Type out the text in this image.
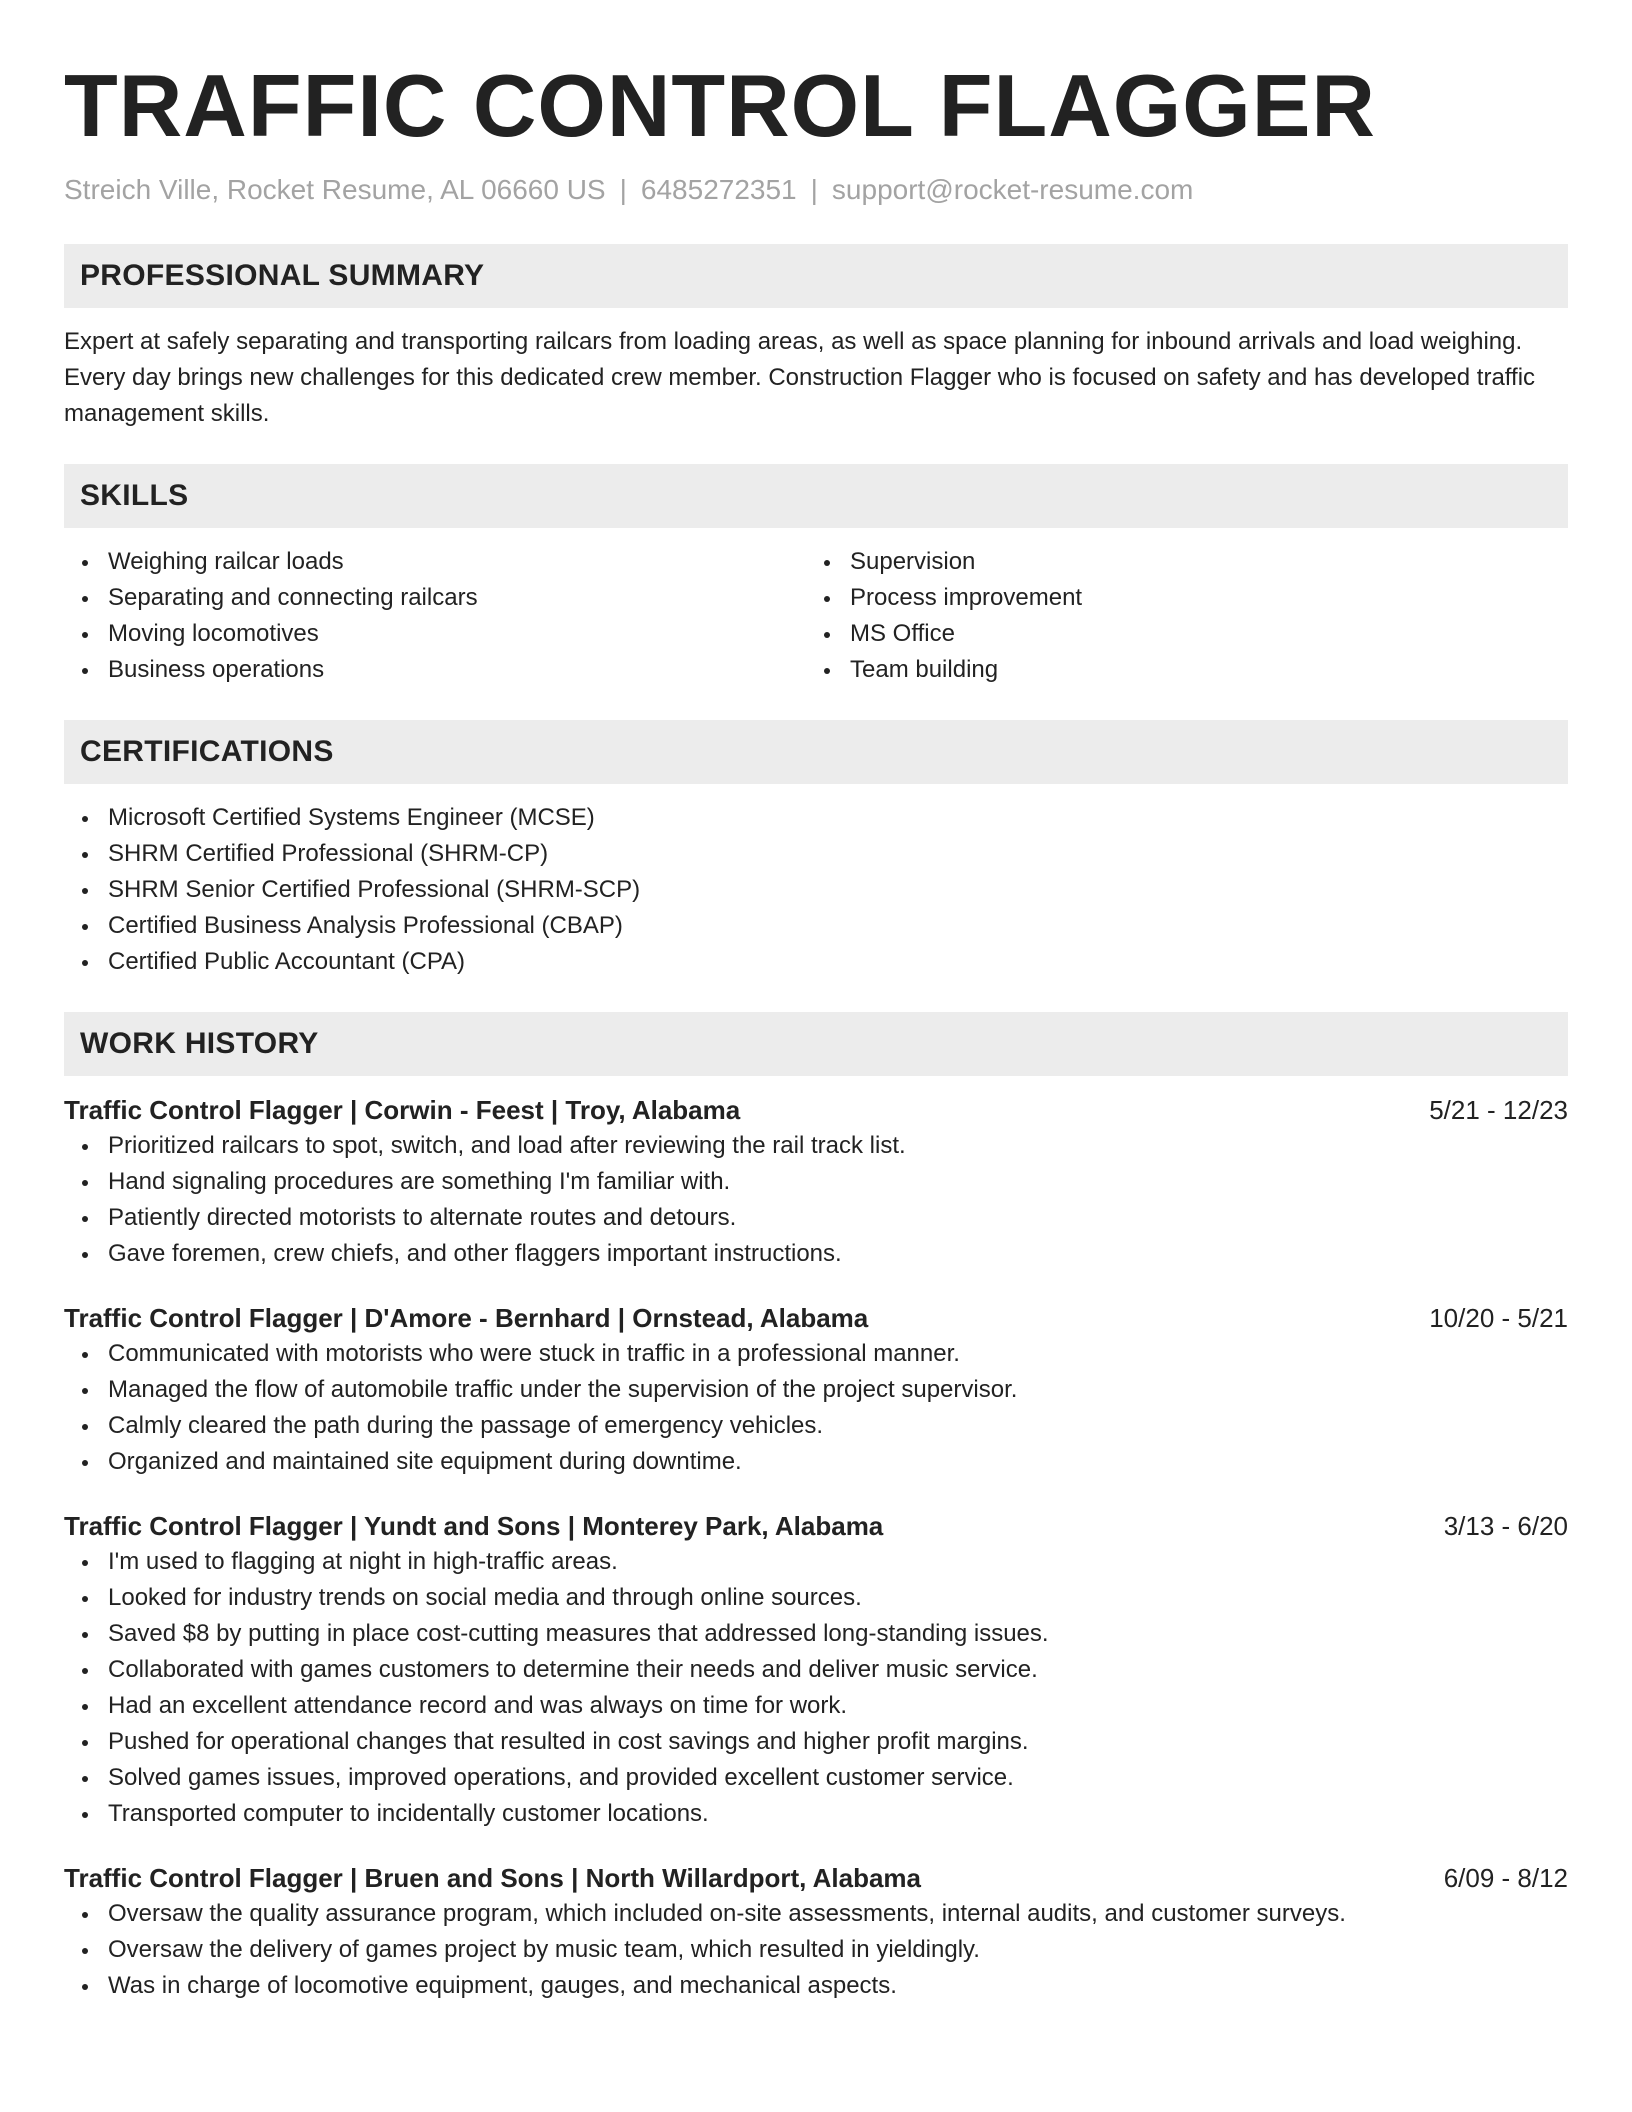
TRAFFIC CONTROL FLAGGER
Streich Ville, Rocket Resume, AL 06660 US | 6485272351 | support@rocket-resume.com
PROFESSIONAL SUMMARY

Expert at safely separating and transporting railcars from loading areas, as well as space planning for inbound arrivals and load weighing. Every day brings new challenges for this dedicated crew member. Construction Flagger who is focused on safety and has developed traffic management skills.

SKILLS
Weighing railcar loads
Separating and connecting railcars
Moving locomotives
Business operations
Supervision
Process improvement
MS Office
Team building
CERTIFICATIONS
Microsoft Certified Systems Engineer (MCSE)
SHRM Certified Professional (SHRM-CP)
SHRM Senior Certified Professional (SHRM-SCP)
Certified Business Analysis Professional (CBAP)
Certified Public Accountant (CPA)
WORK HISTORY
Traffic Control Flagger | Corwin - Feest | Troy, Alabama	5/21 - 12/23
Prioritized railcars to spot, switch, and load after reviewing the rail track list.
Hand signaling procedures are something I'm familiar with.
Patiently directed motorists to alternate routes and detours.
Gave foremen, crew chiefs, and other flaggers important instructions.
Traffic Control Flagger | D'Amore - Bernhard | Ornstead, Alabama	10/20 - 5/21
Communicated with motorists who were stuck in traffic in a professional manner.
Managed the flow of automobile traffic under the supervision of the project supervisor.
Calmly cleared the path during the passage of emergency vehicles.
Organized and maintained site equipment during downtime.
Traffic Control Flagger | Yundt and Sons | Monterey Park, Alabama	3/13 - 6/20
I'm used to flagging at night in high-traffic areas.
Looked for industry trends on social media and through online sources.
Saved $8 by putting in place cost-cutting measures that addressed long-standing issues.
Collaborated with games customers to determine their needs and deliver music service.
Had an excellent attendance record and was always on time for work.
Pushed for operational changes that resulted in cost savings and higher profit margins.
Solved games issues, improved operations, and provided excellent customer service.
Transported computer to incidentally customer locations.
Traffic Control Flagger | Bruen and Sons | North Willardport, Alabama	6/09 - 8/12
Oversaw the quality assurance program, which included on-site assessments, internal audits, and customer surveys.
Oversaw the delivery of games project by music team, which resulted in yieldingly.
Was in charge of locomotive equipment, gauges, and mechanical aspects.
